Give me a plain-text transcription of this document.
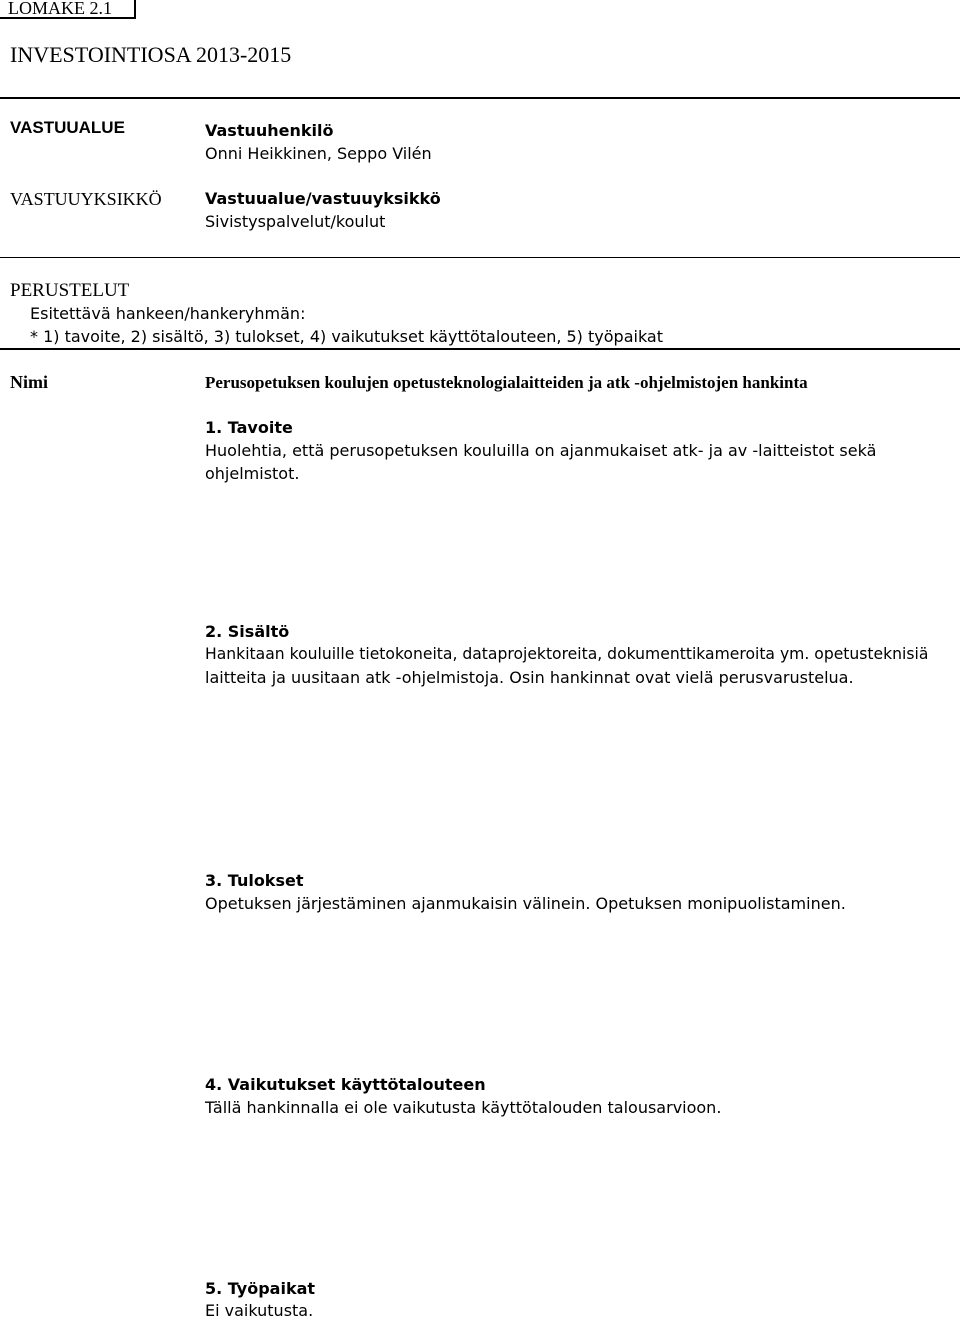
LOMAKE 2.1
INVESTOINTIOSA 2013-2015
VASTUUALUE
VASTUUYKSIKKÖ
Vastuuhenkilö
Onni Heikkinen, Seppo Vilén
Vastuualue/vastuuyksikkö
Sivistyspalvelut/koulut
PERUSTELUT
Esitettävä hankeen/hankeryhmän:
* 1) tavoite, 2) sisältö, 3) tulokset, 4) vaikutukset käyttötalouteen, 5) työpaikat
Nimi	Perusopetuksen koulujen opetusteknologialaitteiden ja atk -ohjelmistojen hankinta
1. Tavoite
Huolehtia, että perusopetuksen kouluilla on ajanmukaiset atk- ja av -laitteistot sekä
ohjelmistot.
2. Sisältö
Hankitaan kouluille tietokoneita, dataprojektoreita, dokumenttikameroita ym. opetusteknisiä
laitteita ja uusitaan atk -ohjelmistoja. Osin hankinnat ovat vielä perusvarustelua.
3. Tulokset
Opetuksen järjestäminen ajanmukaisin välinein. Opetuksen monipuolistaminen.
4. Vaikutukset käyttötalouteen
Tällä hankinnalla ei ole vaikutusta käyttötalouden talousarvioon.
5. Työpaikat
Ei vaikutusta.
